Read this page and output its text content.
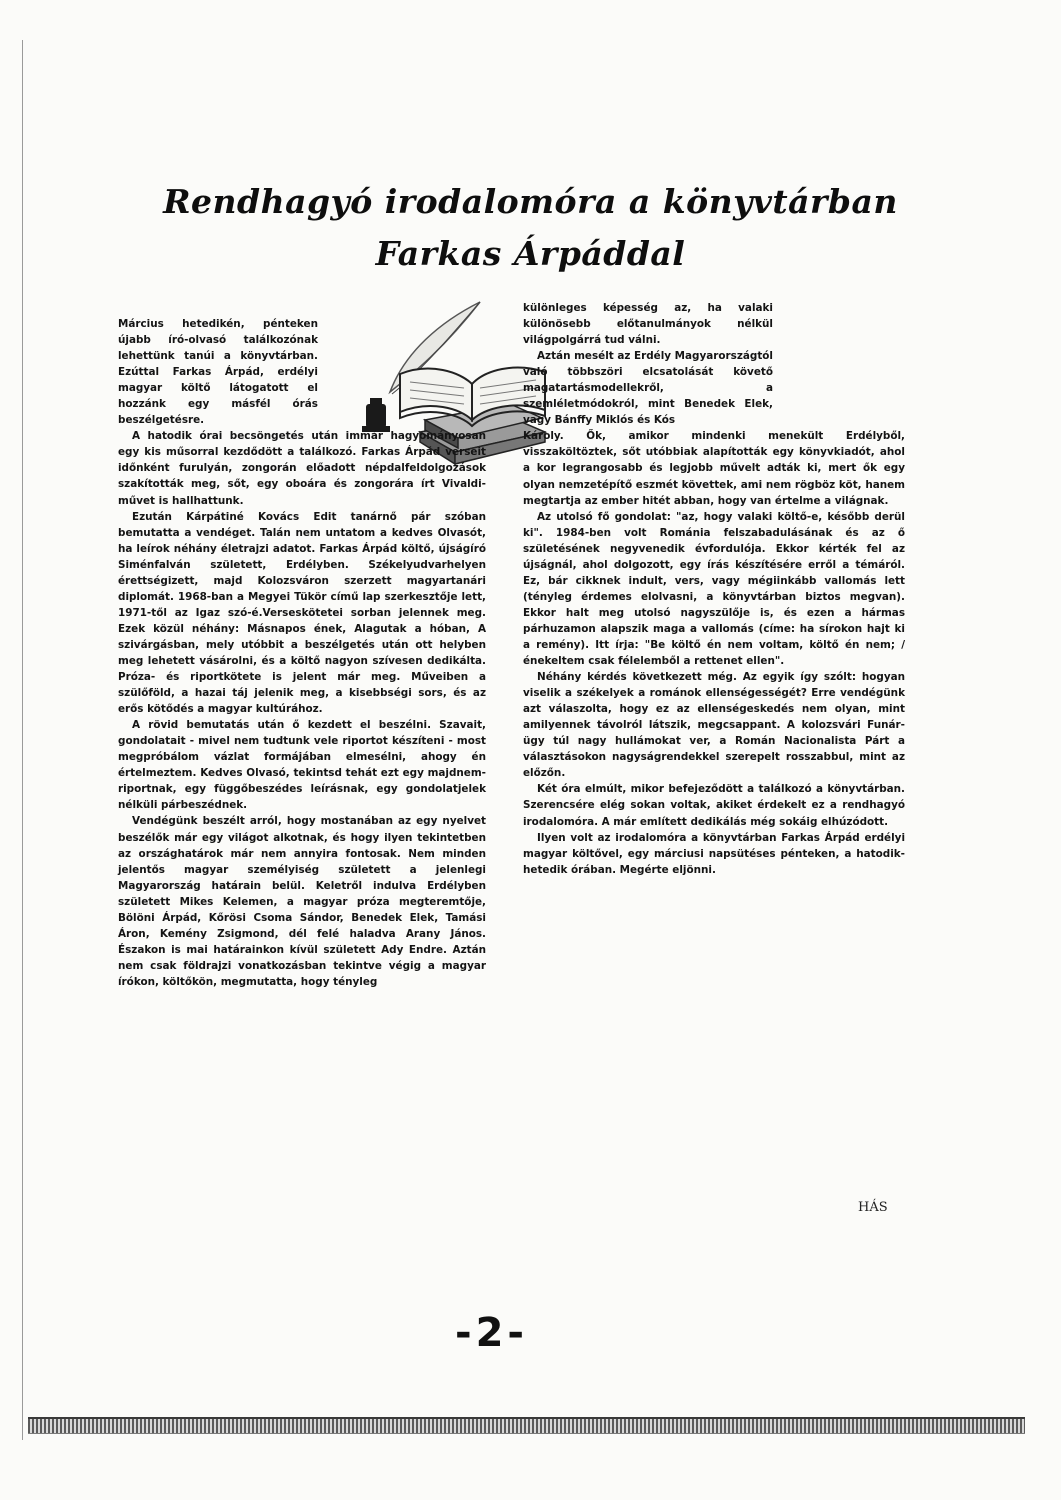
Rendhagyó irodalomóra a könyvtárban
Farkas Árpáddal

Március hetedikén, pénteken újabb író-olvasó találkozónak lehettünk tanúi a könyvtárban. Ezúttal Farkas Árpád, erdélyi magyar költő látogatott el hozzánk egy másfél órás beszélgetésre.

A hatodik órai becsöngetés után immár hagyományosan egy kis műsorral kezdődött a találkozó. Farkas Árpád verseit időnként furulyán, zongorán előadott népdalfeldolgozások szakították meg, sőt, egy oboára és zongorára írt Vivaldi-művet is hallhattunk.

Ezután Kárpátiné Kovács Edit tanárnő pár szóban bemutatta a vendéget. Talán nem untatom a kedves Olvasót, ha leírok néhány életrajzi adatot. Farkas Árpád költő, újságíró Siménfalván született, Erdélyben. Székelyudvarhelyen érettségizett, majd Kolozsváron szerzett magyartanári diplomát. 1968-ban a Megyei Tükör című lap szerkesztője lett, 1971-től az Igaz szó-é.Verseskötetei sorban jelennek meg. Ezek közül néhány: Másnapos ének, Alagutak a hóban, A szivárgásban, mely utóbbit a beszélgetés után ott helyben meg lehetett vásárolni, és a költő nagyon szívesen dedikálta. Próza- és riportkötete is jelent már meg. Műveiben a szülőföld, a hazai táj jelenik meg, a kisebbségi sors, és az erős kötődés a magyar kultúrához.

A rövid bemutatás után ő kezdett el beszélni. Szavait, gondolatait - mivel nem tudtunk vele riportot készíteni - most megpróbálom vázlat formájában elmesélni, ahogy én értelmeztem. Kedves Olvasó, tekintsd tehát ezt egy majdnem-riportnak, egy függőbeszédes leírásnak, egy gondolatjelek nélküli párbeszédnek.

Vendégünk beszélt arról, hogy mostanában az egy nyelvet beszélők már egy világot alkotnak, és hogy ilyen tekintetben az országhatárok már nem annyira fontosak. Nem minden jelentős magyar személyiség született a jelenlegi Magyarország határain belül. Keletről indulva Erdélyben született Mikes Kelemen, a magyar próza megteremtője, Bölöni Árpád, Kőrösi Csoma Sándor, Benedek Elek, Tamási Áron, Kemény Zsigmond, dél felé haladva Arany János. Északon is mai határainkon kívül született Ady Endre. Aztán nem csak földrajzi vonatkozásban tekintve végig a magyar írókon, költőkön, megmutatta, hogy tényleg

különleges képesség az, ha valaki különösebb előtanulmányok nélkül világpolgárrá tud válni.

Aztán mesélt az Erdély Magyarországtól való többszöri elcsatolását követő magatartásmodellekről, a szemléletmódokról, mint Benedek Elek, vagy Bánffy Miklós és Kós

Károly. Ők, amikor mindenki menekült Erdélyből, visszaköltöztek, sőt utóbbiak alapították egy könyvkiadót, ahol a kor legrangosabb és legjobb művelt adták ki, mert ők egy olyan nemzetépítő eszmét követtek, ami nem rögböz köt, hanem megtartja az ember hitét abban, hogy van értelme a világnak.

Az utolsó fő gondolat: "az, hogy valaki költő-e, később derül ki". 1984-ben volt Románia felszabadulásának és az ő születésének negyvenedik évfordulója. Ekkor kérték fel az újságnál, ahol dolgozott, egy írás készítésére erről a témáról. Ez, bár cikknek indult, vers, vagy mégiinkább vallomás lett (tényleg érdemes elolvasni, a könyvtárban biztos megvan). Ekkor halt meg utolsó nagyszülője is, és ezen a hármas párhuzamon alapszik maga a vallomás (címe: ha sírokon hajt ki a remény). Itt írja: "Be költő én nem voltam, költő én nem; / énekeltem csak félelemből a rettenet ellen".

Néhány kérdés következett még. Az egyik így szólt: hogyan viselik a székelyek a románok ellenségességét? Erre vendégünk azt válaszolta, hogy ez az ellenségeskedés nem olyan, mint amilyennek távolról látszik, megcsappant. A kolozsvári Funár-ügy túl nagy hullámokat ver, a Román Nacionalista Párt a választásokon nagyságrendekkel szerepelt rosszabbul, mint az előzőn.

Két óra elmúlt, mikor befejeződött a találkozó a könyvtárban. Szerencsére elég sokan voltak, akiket érdekelt ez a rendhagyó irodalomóra. A már említett dedikálás még sokáig elhúzódott.

Ilyen volt az irodalomóra a könyvtárban Farkas Árpád erdélyi magyar költővel, egy márciusi napsütéses pénteken, a hatodik-hetedik órában. Megérte eljönni.

HÁS
-2-
